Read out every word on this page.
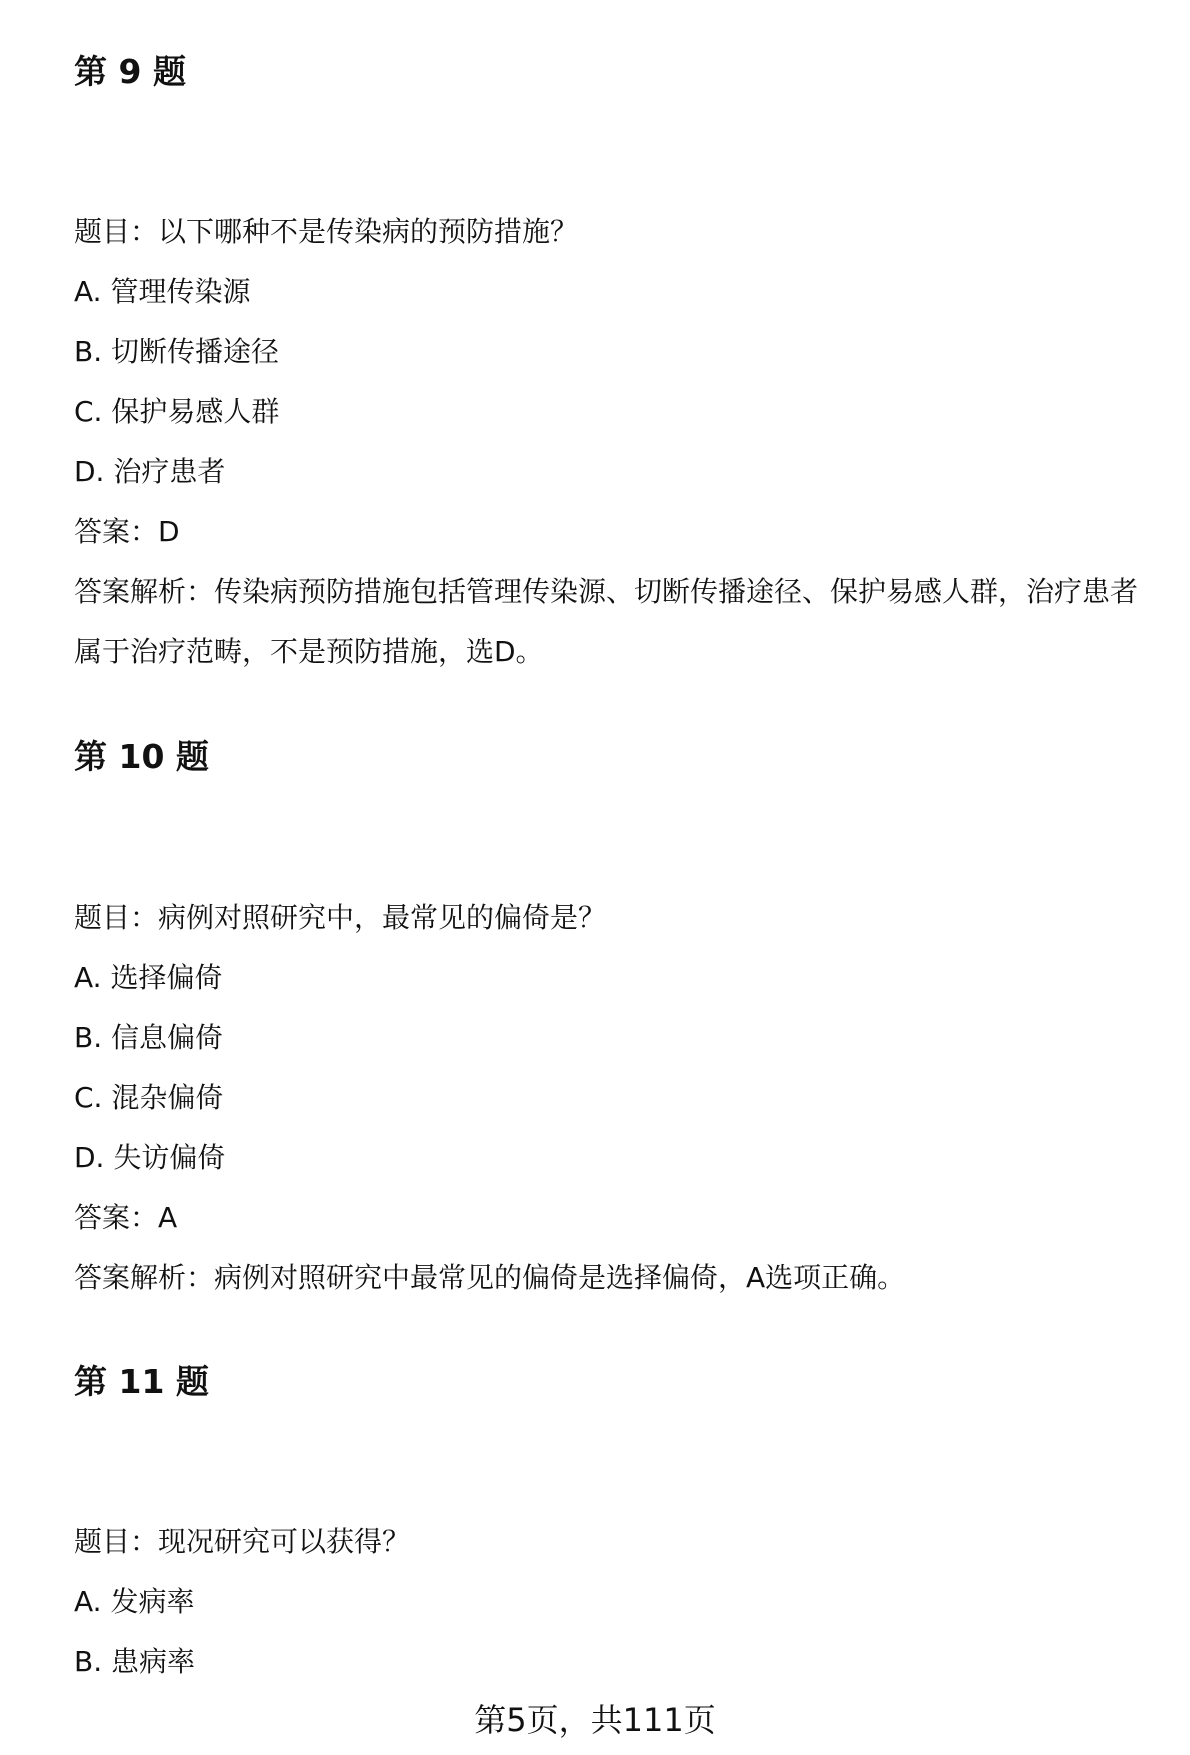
第 9 题
题目：以下哪种不是传染病的预防措施？
A. 管理传染源
B. 切断传播途径
C. 保护易感人群
D. 治疗患者
答案：D
答案解析：传染病预防措施包括管理传染源、切断传播途径、保护易感人群，治疗患者属于治疗范畴，不是预防措施，选D。
第 10 题
题目：病例对照研究中，最常见的偏倚是？
A. 选择偏倚
B. 信息偏倚
C. 混杂偏倚
D. 失访偏倚
答案：A
答案解析：病例对照研究中最常见的偏倚是选择偏倚，A选项正确。
第 11 题
题目：现况研究可以获得？
A. 发病率
B. 患病率
第5页，共111页
